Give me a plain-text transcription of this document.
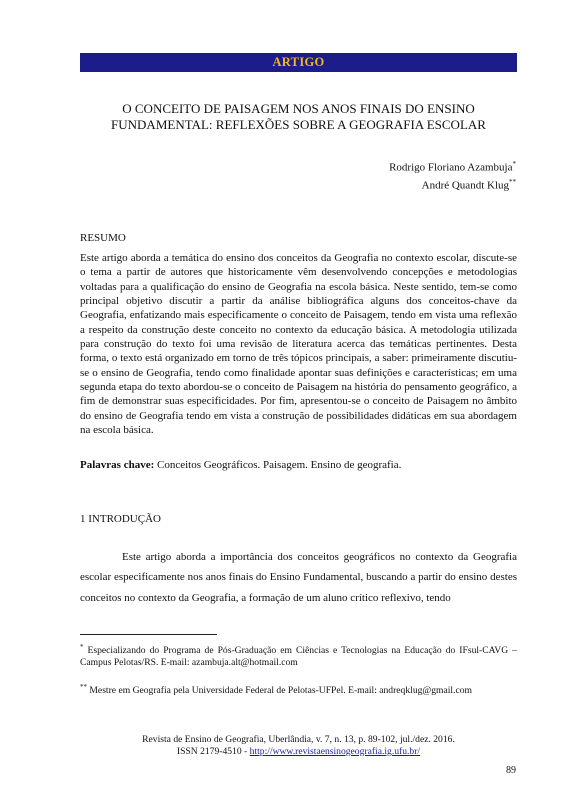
ARTIGO
O CONCEITO DE PAISAGEM NOS ANOS FINAIS DO ENSINO
FUNDAMENTAL: REFLEXÕES SOBRE A GEOGRAFIA ESCOLAR
Rodrigo Floriano Azambuja*
André Quandt Klug**
RESUMO
Este artigo aborda a temática do ensino dos conceitos da Geografia no contexto escolar, discute-se o tema a partir de autores que historicamente vêm desenvolvendo concepções e metodologias voltadas para a qualificação do ensino de Geografia na escola básica. Neste sentido, tem-se como principal objetivo discutir a partir da análise bibliográfica alguns dos conceitos-chave da Geografia, enfatizando mais especificamente o conceito de Paisagem, tendo em vista uma reflexão a respeito da construção deste conceito no contexto da educação básica. A metodologia utilizada para construção do texto foi uma revisão de literatura acerca das temáticas pertinentes. Desta forma, o texto está organizado em torno de três tópicos principais, a saber: primeiramente discutiu-se o ensino de Geografia, tendo como finalidade apontar suas definições e características; em uma segunda etapa do texto abordou-se o conceito de Paisagem na história do pensamento geográfico, a fim de demonstrar suas especificidades. Por fim, apresentou-se o conceito de Paisagem no âmbito do ensino de Geografia tendo em vista a construção de possibilidades didáticas em sua abordagem na escola básica.
Palavras chave: Conceitos Geográficos. Paisagem. Ensino de geografia.
1 INTRODUÇÃO
Este artigo aborda a importância dos conceitos geográficos no contexto da Geografia escolar especificamente nos anos finais do Ensino Fundamental, buscando a partir do ensino destes conceitos no contexto da Geografia, a formação de um aluno crítico reflexivo, tendo
* Especializando do Programa de Pós-Graduação em Ciências e Tecnologias na Educação do IFsul-CAVG – Campus Pelotas/RS. E-mail: azambuja.alt@hotmail.com
** Mestre em Geografia pela Universidade Federal de Pelotas-UFPel. E-mail: andreqklug@gmail.com
Revista de Ensino de Geografia, Uberlândia, v. 7, n. 13, p. 89-102, jul./dez. 2016.
ISSN 2179-4510 - http://www.revistaensinogeografia.ig.ufu.br/
89
